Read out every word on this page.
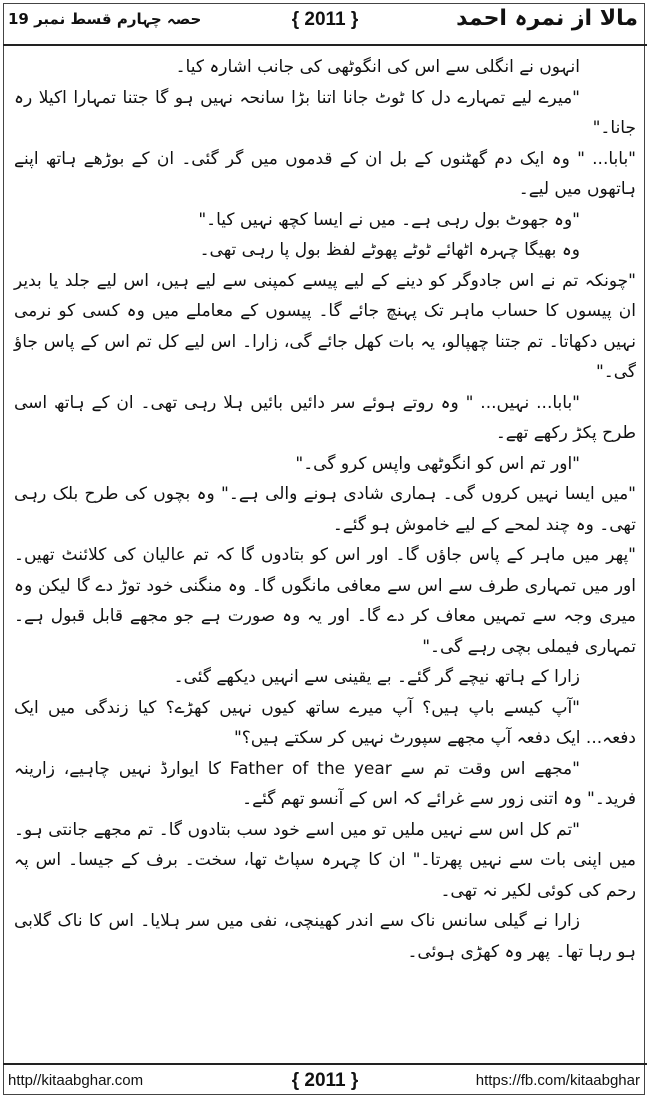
حصہ چہارم قسط نمبر 19	{ 2011 }	مالا از نمرہ احمد

انہوں نے انگلی سے اس کی انگوٹھی کی جانب اشارہ کیا۔

"میرے لیے تمہارے دل کا ٹوٹ جانا اتنا بڑا سانحہ نہیں ہو گا جتنا تمہارا اکیلا رہ جانا۔"

"بابا... " وہ ایک دم گھٹنوں کے بل ان کے قدموں میں گر گئی۔ ان کے بوڑھے ہاتھ اپنے ہاتھوں میں لیے۔

"وہ جھوٹ بول رہی ہے۔ میں نے ایسا کچھ نہیں کیا۔"

وہ بھیگا چہرہ اٹھائے ٹوٹے پھوٹے لفظ بول پا رہی تھی۔

"چونکہ تم نے اس جادوگر کو دینے کے لیے پیسے کمپنی سے لیے ہیں، اس لیے جلد یا بدیر ان پیسوں کا حساب ماہر تک پہنچ جائے گا۔ پیسوں کے معاملے میں وہ کسی کو نرمی نہیں دکھاتا۔ تم جتنا چھپالو، یہ بات کھل جائے گی، زارا۔ اس لیے کل تم اس کے پاس جاؤ گی۔"

"بابا... نہیں... " وہ روتے ہوئے سر دائیں بائیں ہلا رہی تھی۔ ان کے ہاتھ اسی طرح پکڑ رکھے تھے۔

"اور تم اس کو انگوٹھی واپس کرو گی۔"

"میں ایسا نہیں کروں گی۔ ہماری شادی ہونے والی ہے۔" وہ بچوں کی طرح بلک رہی تھی۔ وہ چند لمحے کے لیے خاموش ہو گئے۔

"پھر میں ماہر کے پاس جاؤں گا۔ اور اس کو بتادوں گا کہ تم عالیان کی کلائنٹ تھیں۔ اور میں تمہاری طرف سے اس سے معافی مانگوں گا۔ وہ منگنی خود توڑ دے گا لیکن وہ میری وجہ سے تمہیں معاف کر دے گا۔ اور یہ وہ صورت ہے جو مجھے قابل قبول ہے۔ تمہاری فیملی بچی رہے گی۔"

زارا کے ہاتھ نیچے گر گئے۔ بے یقینی سے انہیں دیکھے گئی۔

"آپ کیسے باپ ہیں؟ آپ میرے ساتھ کیوں نہیں کھڑے؟ کیا زندگی میں ایک دفعہ... ایک دفعہ آپ مجھے سپورٹ نہیں کر سکتے ہیں؟"

"مجھے اس وقت تم سے Father of the year کا ایوارڈ نہیں چاہیے، زارینہ فرید۔" وہ اتنی زور سے غرائے کہ اس کے آنسو تھم گئے۔

"تم کل اس سے نہیں ملیں تو میں اسے خود سب بتادوں گا۔ تم مجھے جانتی ہو۔ میں اپنی بات سے نہیں پھرتا۔" ان کا چہرہ سپاٹ تھا، سخت۔ برف کے جیسا۔ اس پہ رحم کی کوئی لکیر نہ تھی۔

زارا نے گیلی سانس ناک سے اندر کھینچی، نفی میں سر ہلایا۔ اس کا ناک گلابی ہو رہا تھا۔ پھر وہ کھڑی ہوئی۔

http//kitaabghar.com	{ 2011 }	https://fb.com/kitaabghar
